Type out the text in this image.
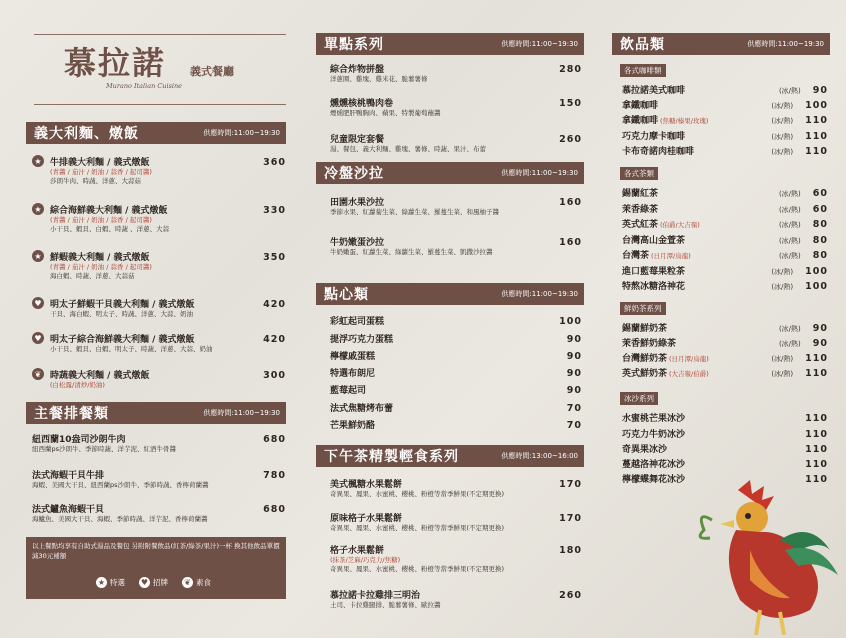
義大利麵、燉飯	供應時間:11:00~19:30
★ 牛排義大利麵 / 義式燉飯	360
(青醬 / 茄汁 / 奶油 / 蒜香 / 起司醬)
莎朗牛肉、時蔬、洋蔥、大蒜菇
★ 綜合海鮮義大利麵 / 義式燉飯	330
(青醬 / 茄汁 / 奶油 / 蒜香 / 起司醬)
小干貝、蝦貝、白蝦、時蔬 、洋蔥、大蒜
★ 鮮蝦義大利麵 / 義式燉飯	350
(青醬 / 茄汁 / 奶油 / 蒜香 / 起司醬)
海白蝦、時蔬、洋蔥、大蒜菇
♥ 明太子鮮蝦干貝義大利麵 / 義式燉飯	420
干貝、海白蝦、明太子、時蔬、洋蔥、大蒜、奶油
♥ 明太子綜合海鮮義大利麵 / 義式燉飯	420
小干貝、蝦貝、白蝦、明太子、時蔬、洋蔥、大蒜、奶油
❦ 時蔬義大利麵 / 義式燉飯	300
(白松露/清炒/奶油)
主餐排餐類	供應時間:11:00~19:30
紐西蘭10盎司沙朗牛肉	680
紐西蘭ps沙朗牛、季節時蔬、洋芋泥、紅酒牛骨醬
法式海蝦干貝牛排	780
海蝦、美國大干貝、紐西蘭ps沙朗牛、季節時蔬、香檸荷蘭醬
法式鱸魚海蝦干貝	680
海鱸魚、美國大干貝、海蝦、季節時蔬、洋芋泥、香檸荷蘭醬
以上餐點均享有自助式湯品及餐包 另附附餐飲品(紅茶/綠茶/果汁)一杯 換其他飲品單價減30元補額
★ 特選 ♥ 招牌 ❦ 素食
慕拉諾 義式餐廳
Murano Italian Cuisine
單點系列	供應時間:11:00~19:30
綜合炸物拼盤	280
洋蔥圈、雞塊、雞米花、脆薯薯條
燻燻核桃鴨肉卷	150
煙燻肥肝鴨胸肉、蘋果、特製葡萄蘸醬
兒童限定套餐	260
湯、餐包、義大利麵、雞塊、薯條、時蔬、果汁、布蕾
冷盤沙拉	供應時間:11:00~19:30
田園水果沙拉	160
季節水果、紅蘿蔔生菜、綠蘿生菜、羅蔓生菜、和風柚子醬
牛奶嫩蛋沙拉	160
牛奶嫩蛋、紅蘿生菜、綠蘿生菜、羅蔓生菜、凱撒沙拉醬
點心類	供應時間:11:00~19:30
彩虹起司蛋糕	100
提浮巧克力蛋糕	90
檸檬戚蛋糕	90
特選布朗尼	90
藍莓起司	90
法式焦糖烤布蕾	70
芒果鮮奶酪	70
下午茶精製輕食系列	供應時間:13:00~16:00
美式楓糖水果鬆餅	170
奇異果、鳳果、水蜜桃、櫻桃、粉橙等當季鮮果(不定期更換)
原味格子水果鬆餅	170
奇異果、鳳果、水蜜桃、櫻桃、粉橙等當季鮮果(不定期更換)
格子水果鬆餅	180
(抹茶/芝麻/巧克力/焦糖)
奇異果、鳳果、水蜜桃、櫻桃、粉橙等當季鮮果(不定期更換)
慕拉諾卡拉雞排三明治	260
土司、卡拉雞腿排、脆薯薯條、歐拉醬
飲品類	供應時間:11:00~19:30
各式咖啡類
慕拉諾美式咖啡	(冰/熱) 90
拿鐵咖啡	(冰/熱) 100
拿鐵咖啡 (焦糖/榛果/玫瑰)	(冰/熱) 110
巧克力摩卡咖啡	(冰/熱) 110
卡布奇諾肉桂咖啡	(冰/熱) 110
各式茶類
錫蘭紅茶	(冰/熱) 60
茉香綠茶	(冰/熱) 60
英式紅茶 (伯爵/大吉嶺)	(冰/熱) 80
台灣高山金萱茶	(冰/熱) 80
台灣茶 (日月潭/烏龍)	(冰/熱) 80
進口藍莓果粒茶	(冰/熱) 100
特熬冰糖洛神花	(冰/熱) 100
鮮奶茶系列
錫蘭鮮奶茶	(冰/熱) 90
茉香鮮奶綠茶	(冰/熱) 90
台灣鮮奶茶 (日月潭/烏龍)	(冰/熱) 110
英式鮮奶茶 (大吉嶺/伯爵)	(冰/熱) 110
冰沙系列
水蜜桃芒果冰沙	110
巧克力牛奶冰沙	110
奇異果冰沙	110
蔓越洛神花冰沙	110
檸檬蝶舞花冰沙	110
